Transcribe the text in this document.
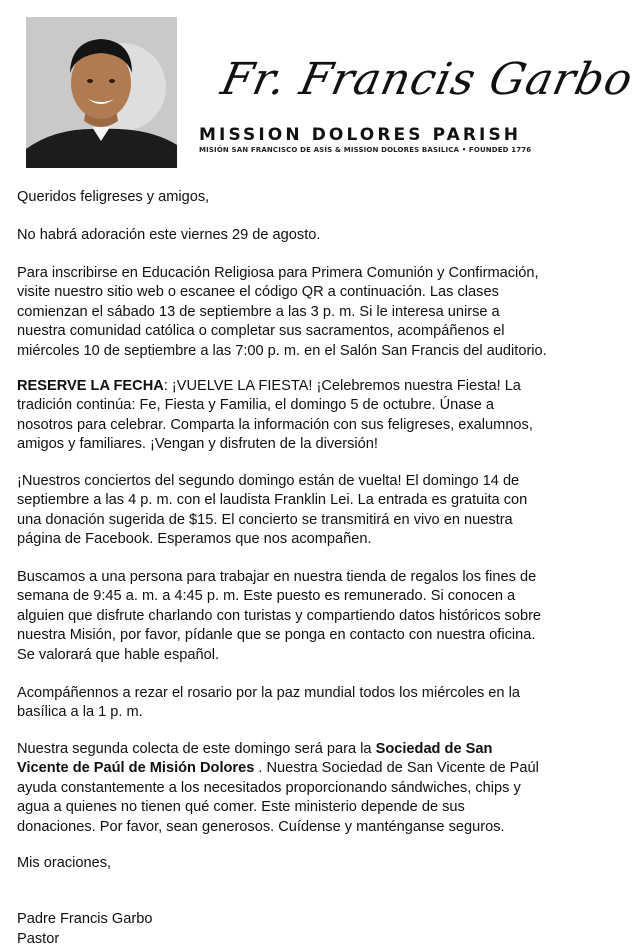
Fr. Francis Garbo
MISSION DOLORES PARISH
MISIÓN SAN FRANCISCO DE ASÍS & MISSION DOLORES BASILICA • FOUNDED 1776

Queridos feligreses y amigos,

No habrá adoración este viernes 29 de agosto.

Para inscribirse en Educación Religiosa para Primera Comunión y Confirmación, visite nuestro sitio web o escanee el código QR a continuación. Las clases comienzan el sábado 13 de septiembre a las 3 p. m. Si le interesa unirse a nuestra comunidad católica o completar sus sacramentos, acompáñenos el miércoles 10 de septiembre a las 7:00 p. m. en el Salón San Francis del auditorio.

RESERVE LA FECHA: ¡VUELVE LA FIESTA! ¡Celebremos nuestra Fiesta! La tradición continúa: Fe, Fiesta y Familia, el domingo 5 de octubre. Únase a nosotros para celebrar. Comparta la información con sus feligreses, exalumnos, amigos y familiares. ¡Vengan y disfruten de la diversión!

¡Nuestros conciertos del segundo domingo están de vuelta! El domingo 14 de septiembre a las 4 p. m. con el laudista Franklin Lei. La entrada es gratuita con una donación sugerida de $15. El concierto se transmitirá en vivo en nuestra página de Facebook. Esperamos que nos acompañen.

Buscamos a una persona para trabajar en nuestra tienda de regalos los fines de semana de 9:45 a. m. a 4:45 p. m. Este puesto es remunerado. Si conocen a alguien que disfrute charlando con turistas y compartiendo datos históricos sobre nuestra Misión, por favor, pídanle que se ponga en contacto con nuestra oficina. Se valorará que hable español.

Acompáñennos a rezar el rosario por la paz mundial todos los miércoles en la basílica a la 1 p. m.

Nuestra segunda colecta de este domingo será para la Sociedad de San Vicente de Paúl de Misión Dolores . Nuestra Sociedad de San Vicente de Paúl ayuda constantemente a los necesitados proporcionando sándwiches, chips y agua a quienes no tienen qué comer. Este ministerio depende de sus donaciones. Por favor, sean generosos. Cuídense y manténganse seguros.

Mis oraciones,

Padre Francis Garbo

Pastor
